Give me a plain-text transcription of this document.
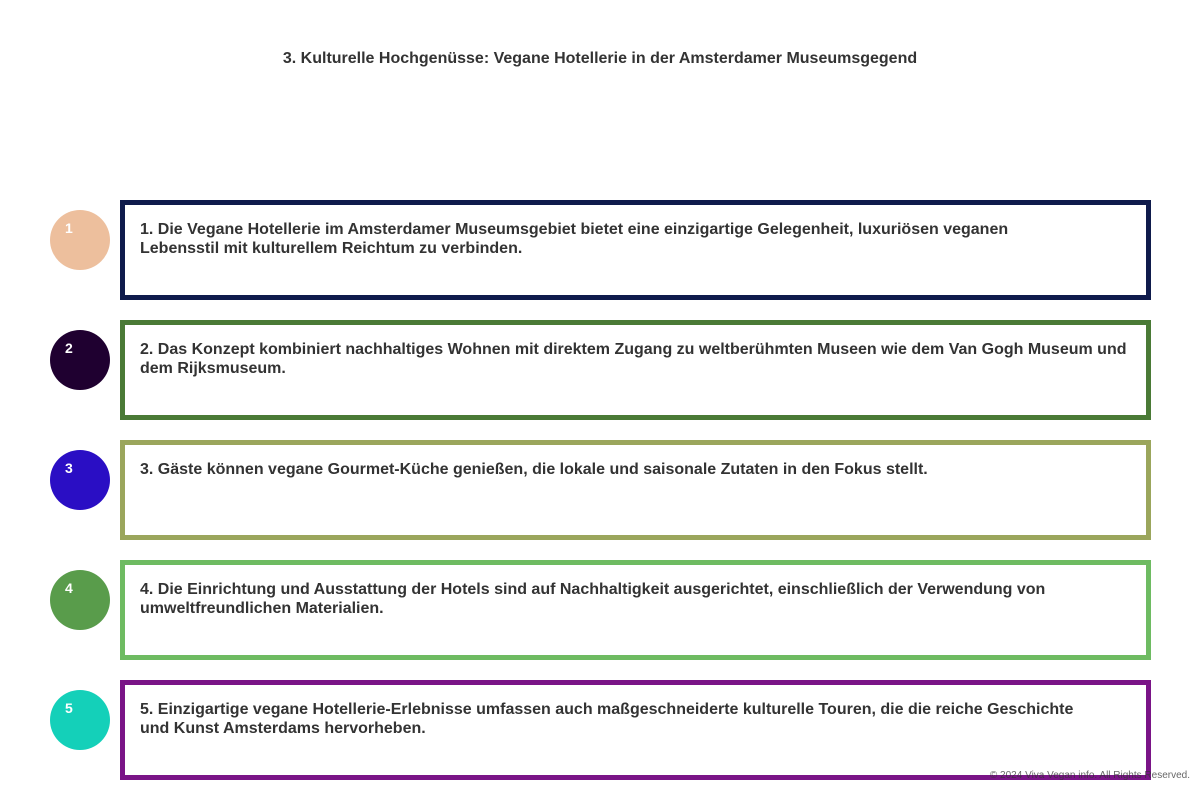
3. Kulturelle Hochgenüsse: Vegane Hotellerie in der Amsterdamer Museumsgegend
1	1. Die Vegane Hotellerie im Amsterdamer Museumsgebiet bietet eine einzigartige Gelegenheit, luxuriösen veganen Lebensstil mit kulturellem Reichtum zu verbinden.
2	2. Das Konzept kombiniert nachhaltiges Wohnen mit direktem Zugang zu weltberühmten Museen wie dem Van Gogh Museum und dem Rijksmuseum.
3	3. Gäste können vegane Gourmet-Küche genießen, die lokale und saisonale Zutaten in den Fokus stellt.
4	4. Die Einrichtung und Ausstattung der Hotels sind auf Nachhaltigkeit ausgerichtet, einschließlich der Verwendung von umweltfreundlichen Materialien.
5	5. Einzigartige vegane Hotellerie-Erlebnisse umfassen auch maßgeschneiderte kulturelle Touren, die die reiche Geschichte und Kunst Amsterdams hervorheben.
© 2024 Viva Vegan info. All Rights Reserved.
